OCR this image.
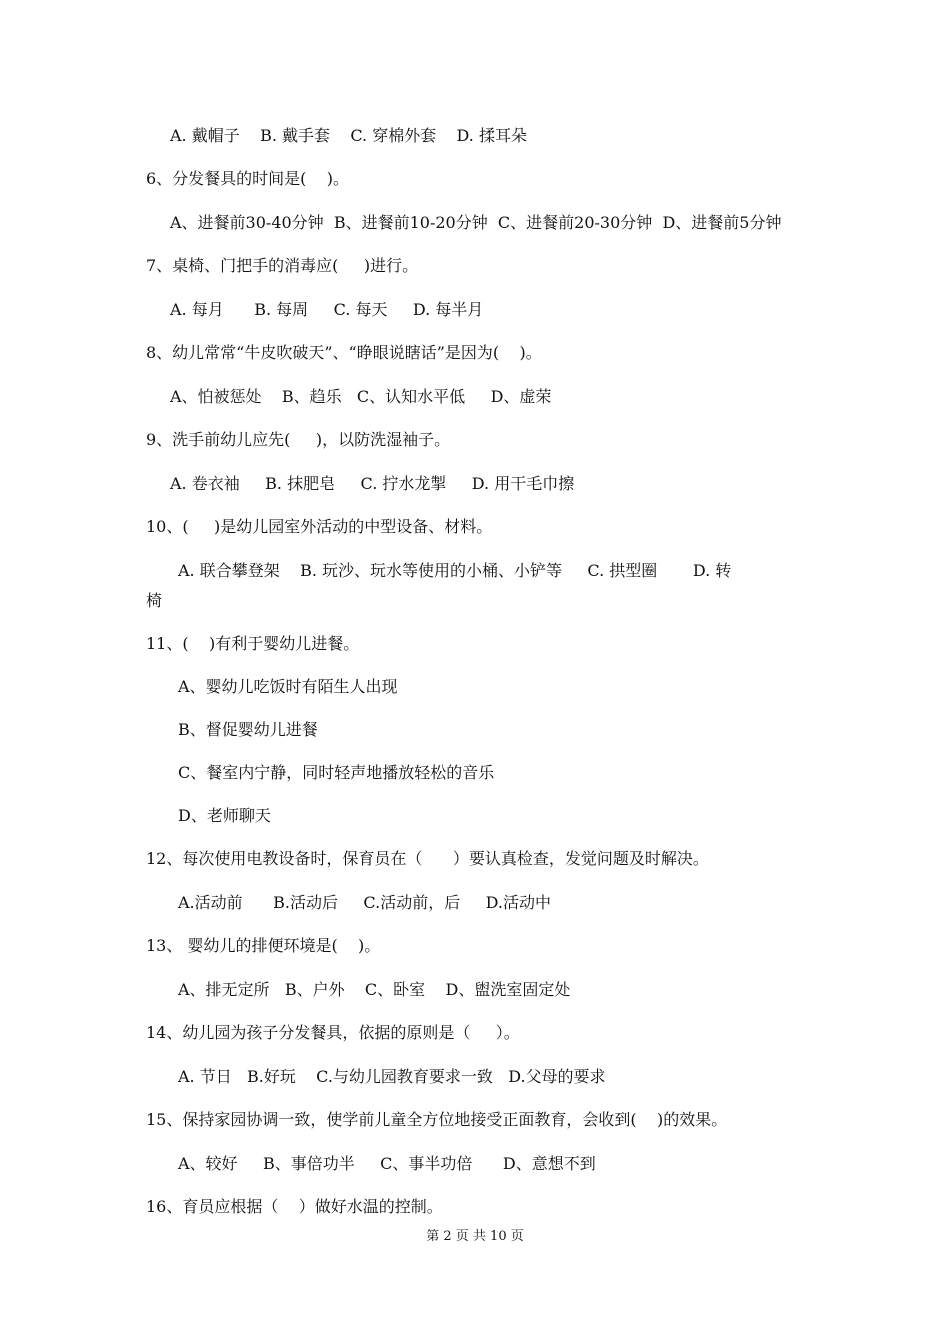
A. 戴帽子    B. 戴手套    C. 穿棉外套    D. 揉耳朵

6、分发餐具的时间是(    )。

A、进餐前30-40分钟  B、进餐前10-20分钟  C、进餐前20-30分钟  D、进餐前5分钟

7、桌椅、门把手的消毒应(     )进行。

A. 每月      B. 每周     C. 每天     D. 每半月

8、幼儿常常“牛皮吹破天”、“睁眼说瞎话”是因为(    )。

A、怕被惩处    B、趋乐   C、认知水平低     D、虚荣

9、洗手前幼儿应先(     )，以防洗湿袖子。

A. 卷衣袖     B. 抹肥皂     C. 拧水龙掣     D. 用干毛巾擦

10、(     )是幼儿园室外活动的中型设备、材料。

A. 联合攀登架    B. 玩沙、玩水等使用的小桶、小铲等     C. 拱型圈       D. 转

椅

11、(    )有利于婴幼儿进餐。

A、婴幼儿吃饭时有陌生人出现

B、督促婴幼儿进餐

C、餐室内宁静，同时轻声地播放轻松的音乐

D、老师聊天

12、每次使用电教设备时，保育员在（      ）要认真检查，发觉问题及时解决。

A.活动前      B.活动后     C.活动前，后     D.活动中

13、 婴幼儿的排便环境是(    )。

A、排无定所   B、户外    C、卧室    D、盥洗室固定处

14、幼儿园为孩子分发餐具，依据的原则是（     ）。

A. 节日   B.好玩    C.与幼儿园教育要求一致   D.父母的要求

15、保持家园协调一致，使学前儿童全方位地接受正面教育，会收到(    )的效果。

A、较好     B、事倍功半     C、事半功倍      D、意想不到

16、育员应根据（    ）做好水温的控制。

第 2 页 共 10 页
